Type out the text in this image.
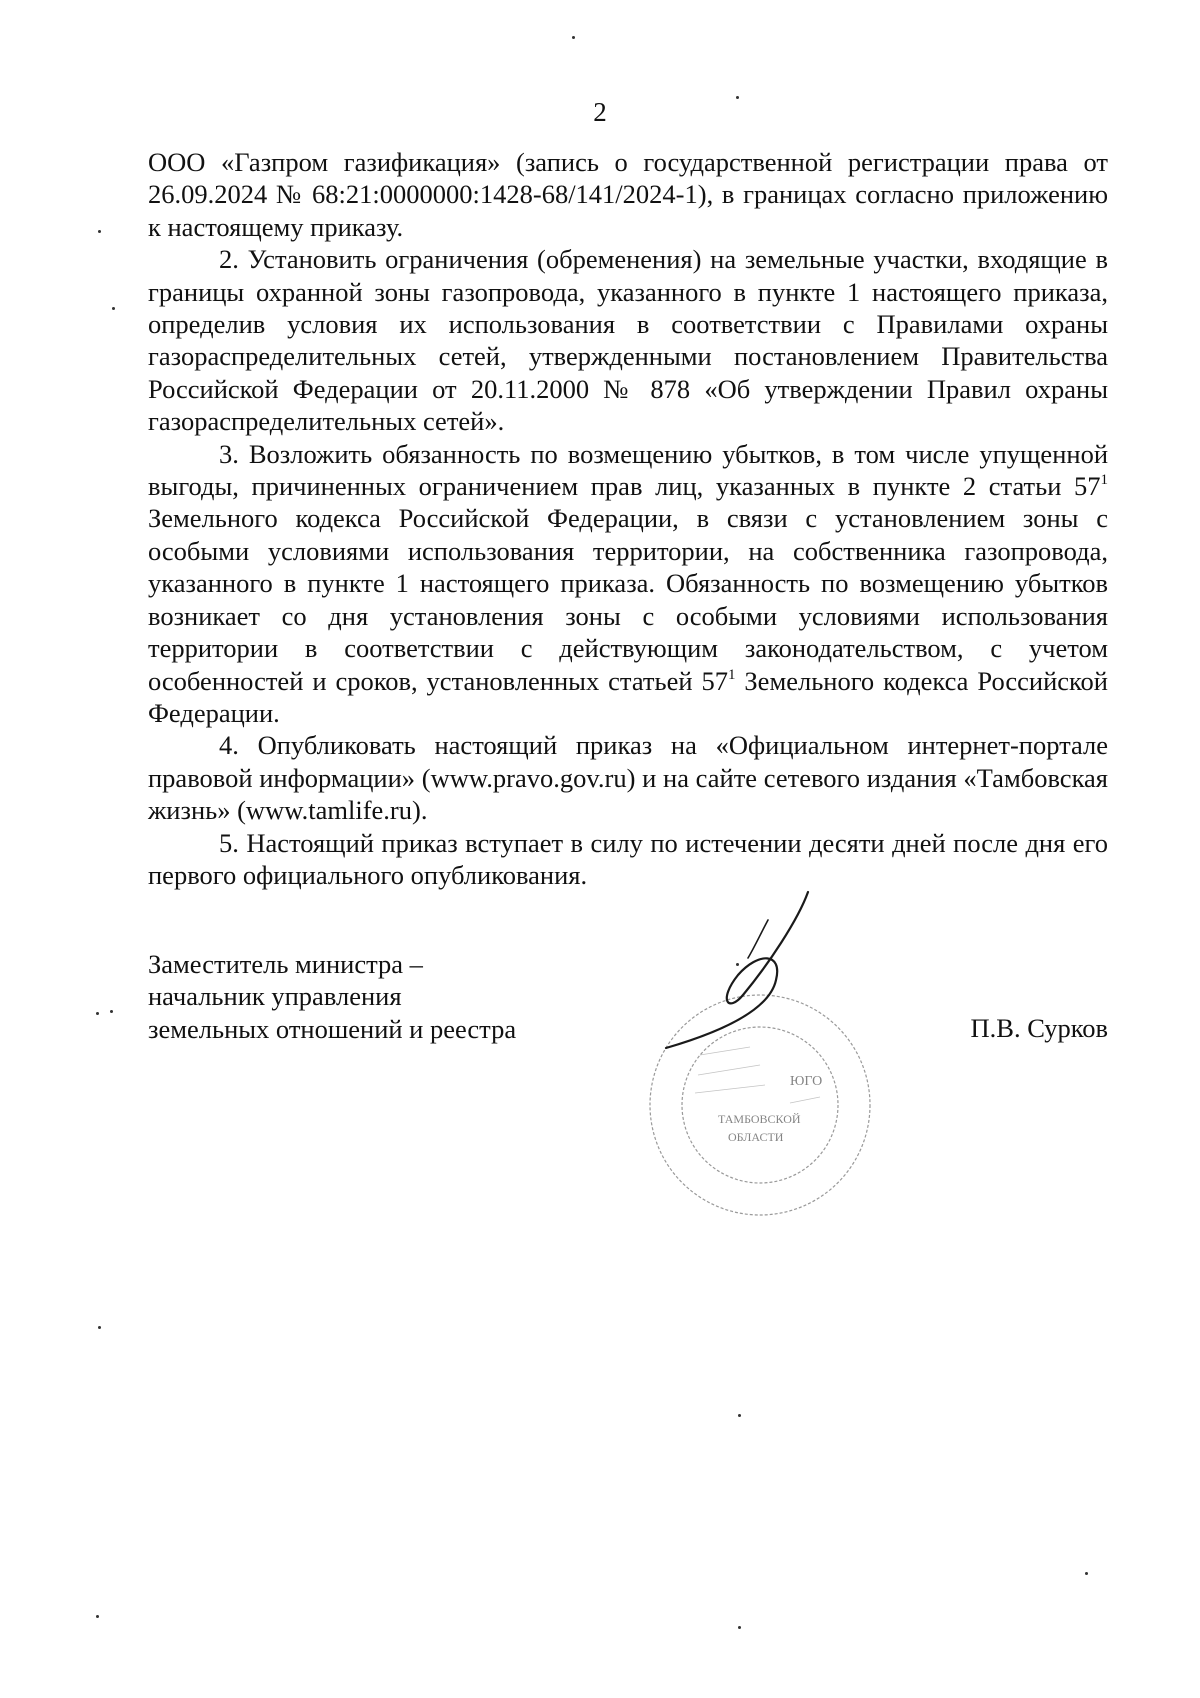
2

ООО «Газпром газификация» (запись о государственной регистрации права от 26.09.2024 № 68:21:0000000:1428-68/141/2024-1), в границах согласно приложению к настоящему приказу.

2. Установить ограничения (обременения) на земельные участки, входящие в границы охранной зоны газопровода, указанного в пункте 1 настоящего приказа, определив условия их использования в соответствии с Правилами охраны газораспределительных сетей, утвержденными постановлением Правительства Российской Федерации от 20.11.2000 № 878 «Об утверждении Правил охраны газораспределительных сетей».

3. Возложить обязанность по возмещению убытков, в том числе упущенной выгоды, причиненных ограничением прав лиц, указанных в пункте 2 статьи $57^1$ Земельного кодекса Российской Федерации, в связи с установлением зоны с особыми условиями использования территории, на собственника газопровода, указанного в пункте 1 настоящего приказа. Обязанность по возмещению убытков возникает со дня установления зоны с особыми условиями использования территории в соответствии с действующим законодательством, с учетом особенностей и сроков, установленных статьей $57^1$ Земельного кодекса Российской Федерации.

4. Опубликовать настоящий приказ на «Официальном интернет-портале правовой информации» (www.pravo.gov.ru) и на сайте сетевого издания «Тамбовская жизнь» (www.tamlife.ru).

5. Настоящий приказ вступает в силу по истечении десяти дней после дня его первого официального опубликования.

Заместитель министра –
начальник управления
земельных отношений и реестра	П.В. Сурков
ЮГО
ТАМБОВСКОЙ
ОБЛАСТИ
